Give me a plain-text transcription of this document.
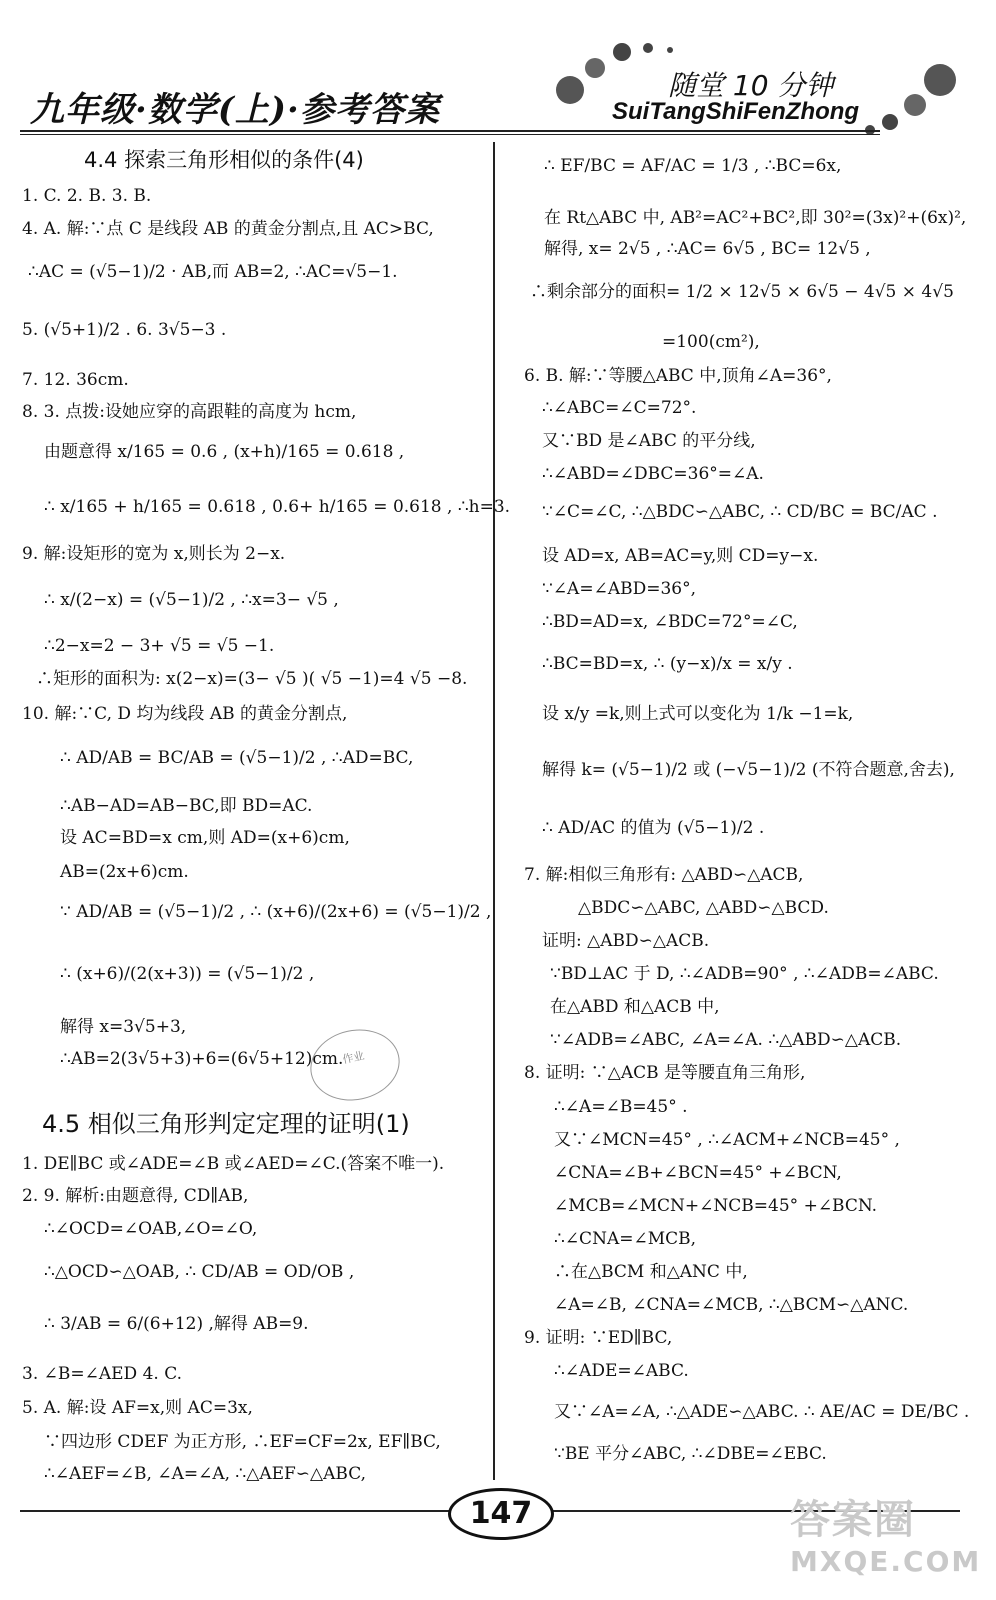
九年级·数学(上)·参考答案
随堂 10 分钟
SuiTangShiFenZhong
4.4 探索三角形相似的条件(4)
1. C. 2. B. 3. B.
4. A. 解:∵点 C 是线段 AB 的黄金分割点,且 AC>BC,
∴AC = (√5−1)/2 · AB,而 AB=2, ∴AC=√5−1.
5. (√5+1)/2 . 6. 3√5−3 .
7. 12. 36cm.
8. 3. 点拨:设她应穿的高跟鞋的高度为 hcm,
由题意得 x/165 = 0.6 , (x+h)/165 = 0.618 ,
∴ x/165 + h/165 = 0.618 , 0.6+ h/165 = 0.618 , ∴h=3.
9. 解:设矩形的宽为 x,则长为 2−x.
∴ x/(2−x) = (√5−1)/2 , ∴x=3− √5 ,
∴2−x=2 − 3+ √5 = √5 −1.
∴矩形的面积为: x(2−x)=(3− √5 )( √5 −1)=4 √5 −8.
10. 解:∵C, D 均为线段 AB 的黄金分割点,
∴ AD/AB = BC/AB = (√5−1)/2 , ∴AD=BC,
∴AB−AD=AB−BC,即 BD=AC.
设 AC=BD=x cm,则 AD=(x+6)cm,
AB=(2x+6)cm.
∵ AD/AB = (√5−1)/2 , ∴ (x+6)/(2x+6) = (√5−1)/2 ,
∴ (x+6)/(2(x+3)) = (√5−1)/2 ,
解得 x=3√5+3,
∴AB=2(3√5+3)+6=(6√5+12)cm.
4.5 相似三角形判定定理的证明(1)
1. DE∥BC 或∠ADE=∠B 或∠AED=∠C.(答案不唯一).
2. 9. 解析:由题意得, CD∥AB,
∴∠OCD=∠OAB,∠O=∠O,
∴△OCD∽△OAB, ∴ CD/AB = OD/OB ,
∴ 3/AB = 6/(6+12) ,解得 AB=9.
3. ∠B=∠AED 4. C.
5. A. 解:设 AF=x,则 AC=3x,
∵四边形 CDEF 为正方形, ∴EF=CF=2x, EF∥BC,
∴∠AEF=∠B, ∠A=∠A, ∴△AEF∽△ABC,
作业
∴ EF/BC = AF/AC = 1/3 , ∴BC=6x,
在 Rt△ABC 中, AB²=AC²+BC²,即 30²=(3x)²+(6x)²,
解得, x= 2√5 , ∴AC= 6√5 , BC= 12√5 ,
∴剩余部分的面积= 1/2 × 12√5 × 6√5 − 4√5 × 4√5
=100(cm²),
6. B. 解:∵等腰△ABC 中,顶角∠A=36°,
∴∠ABC=∠C=72°.
又∵BD 是∠ABC 的平分线,
∴∠ABD=∠DBC=36°=∠A.
∵∠C=∠C, ∴△BDC∽△ABC, ∴ CD/BC = BC/AC .
设 AD=x, AB=AC=y,则 CD=y−x.
∵∠A=∠ABD=36°,
∴BD=AD=x, ∠BDC=72°=∠C,
∴BC=BD=x, ∴ (y−x)/x = x/y .
设 x/y =k,则上式可以变化为 1/k −1=k,
解得 k= (√5−1)/2 或 (−√5−1)/2 (不符合题意,舍去),
∴ AD/AC 的值为 (√5−1)/2 .
7. 解:相似三角形有: △ABD∽△ACB,
△BDC∽△ABC, △ABD∽△BCD.
证明: △ABD∽△ACB.
∵BD⊥AC 于 D, ∴∠ADB=90° , ∴∠ADB=∠ABC.
在△ABD 和△ACB 中,
∵∠ADB=∠ABC, ∠A=∠A. ∴△ABD∽△ACB.
8. 证明: ∵△ACB 是等腰直角三角形,
∴∠A=∠B=45° .
又∵∠MCN=45° , ∴∠ACM+∠NCB=45° ,
∠CNA=∠B+∠BCN=45° +∠BCN,
∠MCB=∠MCN+∠NCB=45° +∠BCN.
∴∠CNA=∠MCB,
∴在△BCM 和△ANC 中,
∠A=∠B, ∠CNA=∠MCB, ∴△BCM∽△ANC.
9. 证明: ∵ED∥BC,
∴∠ADE=∠ABC.
又∵∠A=∠A, ∴△ADE∽△ABC. ∴ AE/AC = DE/BC .
∵BE 平分∠ABC, ∴∠DBE=∠EBC.
147	答案圈
MXQE.COM
